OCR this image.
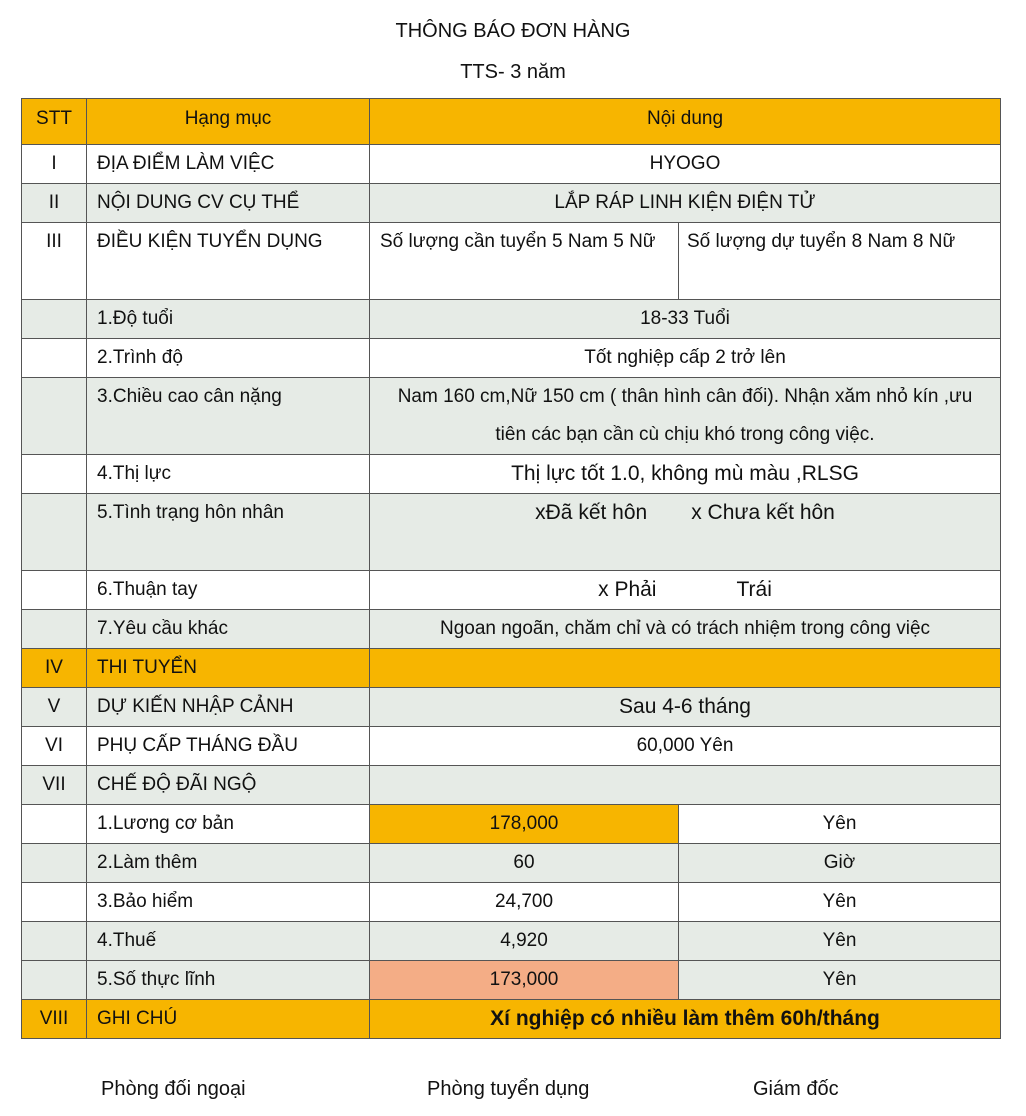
THÔNG BÁO ĐƠN HÀNG
TTS- 3 năm
STT	Hạng mục	Nội dung	
I	ĐỊA ĐIỂM LÀM VIỆC	HYOGO	
II	NỘI DUNG CV CỤ THỂ	LẮP RÁP LINH KIỆN ĐIỆN TỬ	
III	ĐIỀU KIỆN TUYỂN DỤNG	Số lượng cần tuyển 5 Nam 5 Nữ	Số lượng dự tuyển 8 Nam 8 Nữ
	1.Độ tuổi	18-33 Tuổi	
	2.Trình độ	Tốt nghiệp cấp 2 trở lên	
	3.Chiều cao cân nặng	Nam 160 cm,Nữ 150 cm ( thân hình cân đối). Nhận xăm nhỏ kín ,ưu tiên các bạn cần cù chịu khó trong công việc.	
	4.Thị lực	Thị lực tốt 1.0, không mù màu ,RLSG	
	5.Tình trạng hôn nhân	xĐã kết hôn x Chưa kết hôn	
	6.Thuận tay	x Phải Trái	
	7.Yêu cầu khác	Ngoan ngoãn, chăm chỉ và có trách nhiệm trong công việc	
IV	THI TUYỂN		
V	DỰ KIẾN NHẬP CẢNH	Sau 4-6 tháng	
VI	PHỤ CẤP THÁNG ĐẦU	60,000 Yên	
VII	CHẾ ĐỘ ĐÃI NGỘ		
	1.Lương cơ bản	178,000	Yên
	2.Làm thêm	60	Giờ
	3.Bảo hiểm	24,700	Yên
	4.Thuế	4,920	Yên
	5.Số thực lĩnh	173,000	Yên
VIII	GHI CHÚ	Xí nghiệp có nhiều làm thêm 60h/tháng	
Phòng đối ngoại	Phòng tuyển dụng	Giám đốc
